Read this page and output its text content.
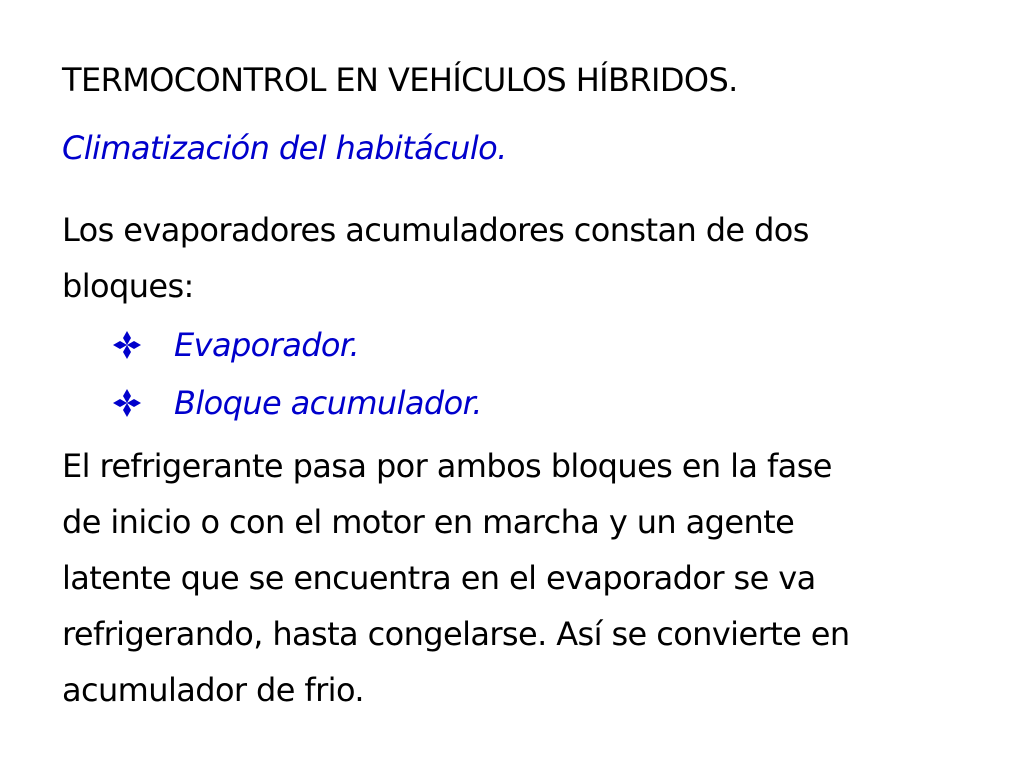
TERMOCONTROL EN VEHÍCULOS HÍBRIDOS.

Climatización del habitáculo.

Los evaporadores acumuladores constan de dos
bloques:
Evaporador.
Bloque acumulador.
El refrigerante pasa por ambos bloques en la fase
de inicio o con el motor en marcha y un agente
latente que se encuentra en el evaporador se va
refrigerando, hasta congelarse. Así se convierte en
acumulador de frio.
